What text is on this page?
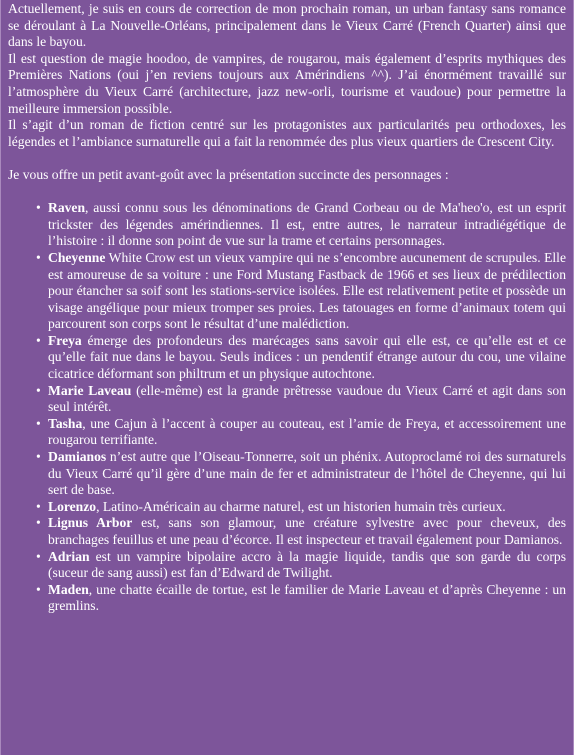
Actuellement, je suis en cours de correction de mon prochain roman, un urban fantasy sans romance se déroulant à La Nouvelle-Orléans, principalement dans le Vieux Carré (French Quarter) ainsi que dans le bayou.

Il est question de magie hoodoo, de vampires, de rougarou, mais également d’esprits mythiques des Premières Nations (oui j’en reviens toujours aux Amérindiens ^^). J’ai énormément travaillé sur l’atmosphère du Vieux Carré (architecture, jazz new-orli, tourisme et vaudoue) pour permettre la meilleure immersion possible.

Il s’agit d’un roman de fiction centré sur les protagonistes aux particularités peu orthodoxes, les légendes et l’ambiance surnaturelle qui a fait la renommée des plus vieux quartiers de Crescent City.

Je vous offre un petit avant-goût avec la présentation succincte des personnages :

• Raven, aussi connu sous les dénominations de Grand Corbeau ou de Ma'heo'o, est un esprit trickster des légendes amérindiennes. Il est, entre autres, le narrateur intradiégétique de l’histoire : il donne son point de vue sur la trame et certains personnages.
• Cheyenne White Crow est un vieux vampire qui ne s’encombre aucunement de scrupules. Elle est amoureuse de sa voiture : une Ford Mustang Fastback de 1966 et ses lieux de prédilection pour étancher sa soif sont les stations-service isolées. Elle est relativement petite et possède un visage angélique pour mieux tromper ses proies. Les tatouages en forme d’animaux totem qui parcourent son corps sont le résultat d’une malédiction.
• Freya émerge des profondeurs des marécages sans savoir qui elle est, ce qu’elle est et ce qu’elle fait nue dans le bayou. Seuls indices : un pendentif étrange autour du cou, une vilaine cicatrice déformant son philtrum et un physique autochtone.
• Marie Laveau (elle-même) est la grande prêtresse vaudoue du Vieux Carré et agit dans son seul intérêt.
• Tasha, une Cajun à l’accent à couper au couteau, est l’amie de Freya, et accessoirement une rougarou terrifiante.
• Damianos n’est autre que l’Oiseau-Tonnerre, soit un phénix. Autoproclamé roi des surnaturels du Vieux Carré qu’il gère d’une main de fer et administrateur de l’hôtel de Cheyenne, qui lui sert de base.
• Lorenzo, Latino-Américain au charme naturel, est un historien humain très curieux.
• Lignus Arbor est, sans son glamour, une créature sylvestre avec pour cheveux, des branchages feuillus et une peau d’écorce. Il est inspecteur et travail également pour Damianos.
• Adrian est un vampire bipolaire accro à la magie liquide, tandis que son garde du corps (suceur de sang aussi) est fan d’Edward de Twilight.
• Maden, une chatte écaille de tortue, est le familier de Marie Laveau et d’après Cheyenne : un gremlins.
